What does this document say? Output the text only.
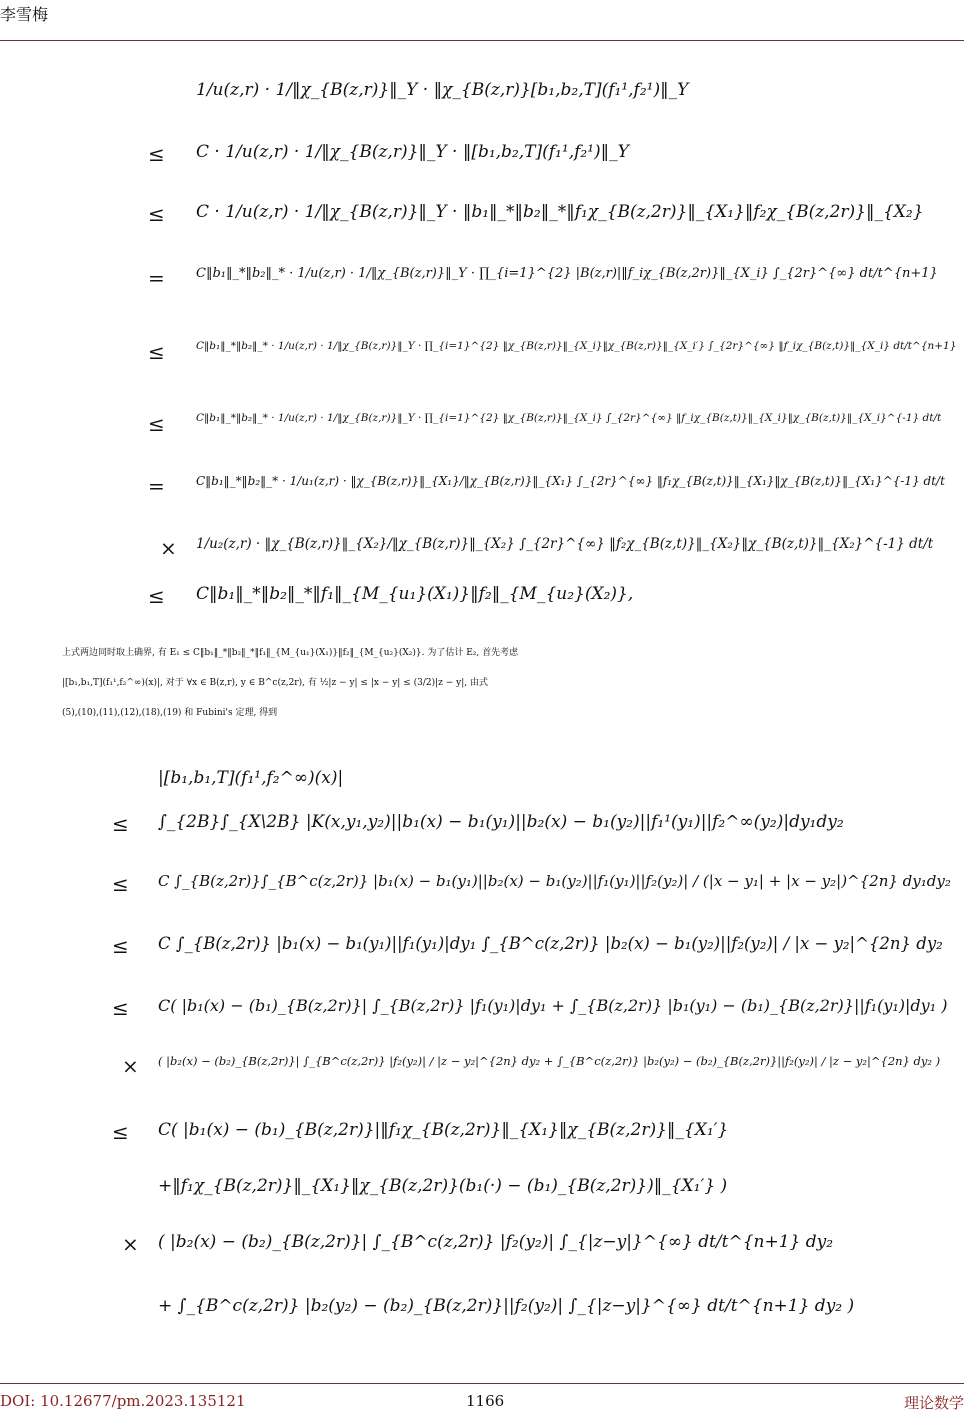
李雪梅
1/u(z,r) · 1/‖χ_{B(z,r)}‖_Y · ‖χ_{B(z,r)}[b₁,b₂,T](f₁¹,f₂¹)‖_Y
≤ C · 1/u(z,r) · 1/‖χ_{B(z,r)}‖_Y · ‖[b₁,b₂,T](f₁¹,f₂¹)‖_Y
≤ C · 1/u(z,r) · 1/‖χ_{B(z,r)}‖_Y · ‖b₁‖_*‖b₂‖_*‖f₁χ_{B(z,2r)}‖_{X₁}‖f₂χ_{B(z,2r)}‖_{X₂}
= C‖b₁‖_*‖b₂‖_* · 1/u(z,r) · 1/‖χ_{B(z,r)}‖_Y · ∏_{i=1}^{2} |B(z,r)|‖f_iχ_{B(z,2r)}‖_{X_i} ∫_{2r}^{∞} dt/t^{n+1}
≤	C‖b₁‖_*‖b₂‖_* · 1/u(z,r) · 1/‖χ_{B(z,r)}‖_Y · ∏_{i=1}^{2} ‖χ_{B(z,r)}‖_{X_i}‖χ_{B(z,r)}‖_{X_i′} ∫_{2r}^{∞} ‖f_iχ_{B(z,t)}‖_{X_i} dt/t^{n+1}
≤	C‖b₁‖_*‖b₂‖_* · 1/u(z,r) · 1/‖χ_{B(z,r)}‖_Y · ∏_{i=1}^{2} ‖χ_{B(z,r)}‖_{X_i} ∫_{2r}^{∞} ‖f_iχ_{B(z,t)}‖_{X_i}‖χ_{B(z,t)}‖_{X_i}^{-1} dt/t
=	C‖b₁‖_*‖b₂‖_* · 1/u₁(z,r) · ‖χ_{B(z,r)}‖_{X₁}/‖χ_{B(z,r)}‖_{X₁} ∫_{2r}^{∞} ‖f₁χ_{B(z,t)}‖_{X₁}‖χ_{B(z,t)}‖_{X₁}^{-1} dt/t
× 1/u₂(z,r) · ‖χ_{B(z,r)}‖_{X₂}/‖χ_{B(z,r)}‖_{X₂} ∫_{2r}^{∞} ‖f₂χ_{B(z,t)}‖_{X₂}‖χ_{B(z,t)}‖_{X₂}^{-1} dt/t
≤ C‖b₁‖_*‖b₂‖_*‖f₁‖_{M_{u₁}(X₁)}‖f₂‖_{M_{u₂}(X₂)},

上式两边同时取上确界, 有 E₁ ≤ C‖b₁‖_*‖b₂‖_*‖f₁‖_{M_{u₁}(X₁)}‖f₂‖_{M_{u₂}(X₂)}. 为了估计 E₂, 首先考虑

|[b₁,b₁,T](f₁¹,f₂^∞)(x)|, 对于 ∀x ∈ B(z,r), y ∈ B^c(z,2r), 有 ½|z − y| ≤ |x − y| ≤ (3/2)|z − y|, 由式

(5),(10),(11),(12),(18),(19) 和 Fubini's 定理, 得到

|[b₁,b₁,T](f₁¹,f₂^∞)(x)|
≤ ∫_{2B}∫_{X\2B} |K(x,y₁,y₂)||b₁(x) − b₁(y₁)||b₂(x) − b₁(y₂)||f₁¹(y₁)||f₂^∞(y₂)|dy₁dy₂
≤ C ∫_{B(z,2r)}∫_{B^c(z,2r)} |b₁(x) − b₁(y₁)||b₂(x) − b₁(y₂)||f₁(y₁)||f₂(y₂)| / (|x − y₁| + |x − y₂|)^{2n} dy₁dy₂
≤ C ∫_{B(z,2r)} |b₁(x) − b₁(y₁)||f₁(y₁)|dy₁ ∫_{B^c(z,2r)} |b₂(x) − b₁(y₂)||f₂(y₂)| / |x − y₂|^{2n} dy₂
≤ C( |b₁(x) − (b₁)_{B(z,2r)}| ∫_{B(z,2r)} |f₁(y₁)|dy₁ + ∫_{B(z,2r)} |b₁(y₁) − (b₁)_{B(z,2r)}||f₁(y₁)|dy₁ )
× ( |b₂(x) − (b₂)_{B(z,2r)}| ∫_{B^c(z,2r)} |f₂(y₂)| / |z − y₂|^{2n} dy₂ + ∫_{B^c(z,2r)} |b₂(y₂) − (b₂)_{B(z,2r)}||f₂(y₂)| / |z − y₂|^{2n} dy₂ )
≤ C( |b₁(x) − (b₁)_{B(z,2r)}|‖f₁χ_{B(z,2r)}‖_{X₁}‖χ_{B(z,2r)}‖_{X₁′}
+‖f₁χ_{B(z,2r)}‖_{X₁}‖χ_{B(z,2r)}(b₁(·) − (b₁)_{B(z,2r)})‖_{X₁′} )
× ( |b₂(x) − (b₂)_{B(z,2r)}| ∫_{B^c(z,2r)} |f₂(y₂)| ∫_{|z−y|}^{∞} dt/t^{n+1} dy₂
+ ∫_{B^c(z,2r)} |b₂(y₂) − (b₂)_{B(z,2r)}||f₂(y₂)| ∫_{|z−y|}^{∞} dt/t^{n+1} dy₂ )
DOI: 10.12677/pm.2023.135121	1166	理论数学
